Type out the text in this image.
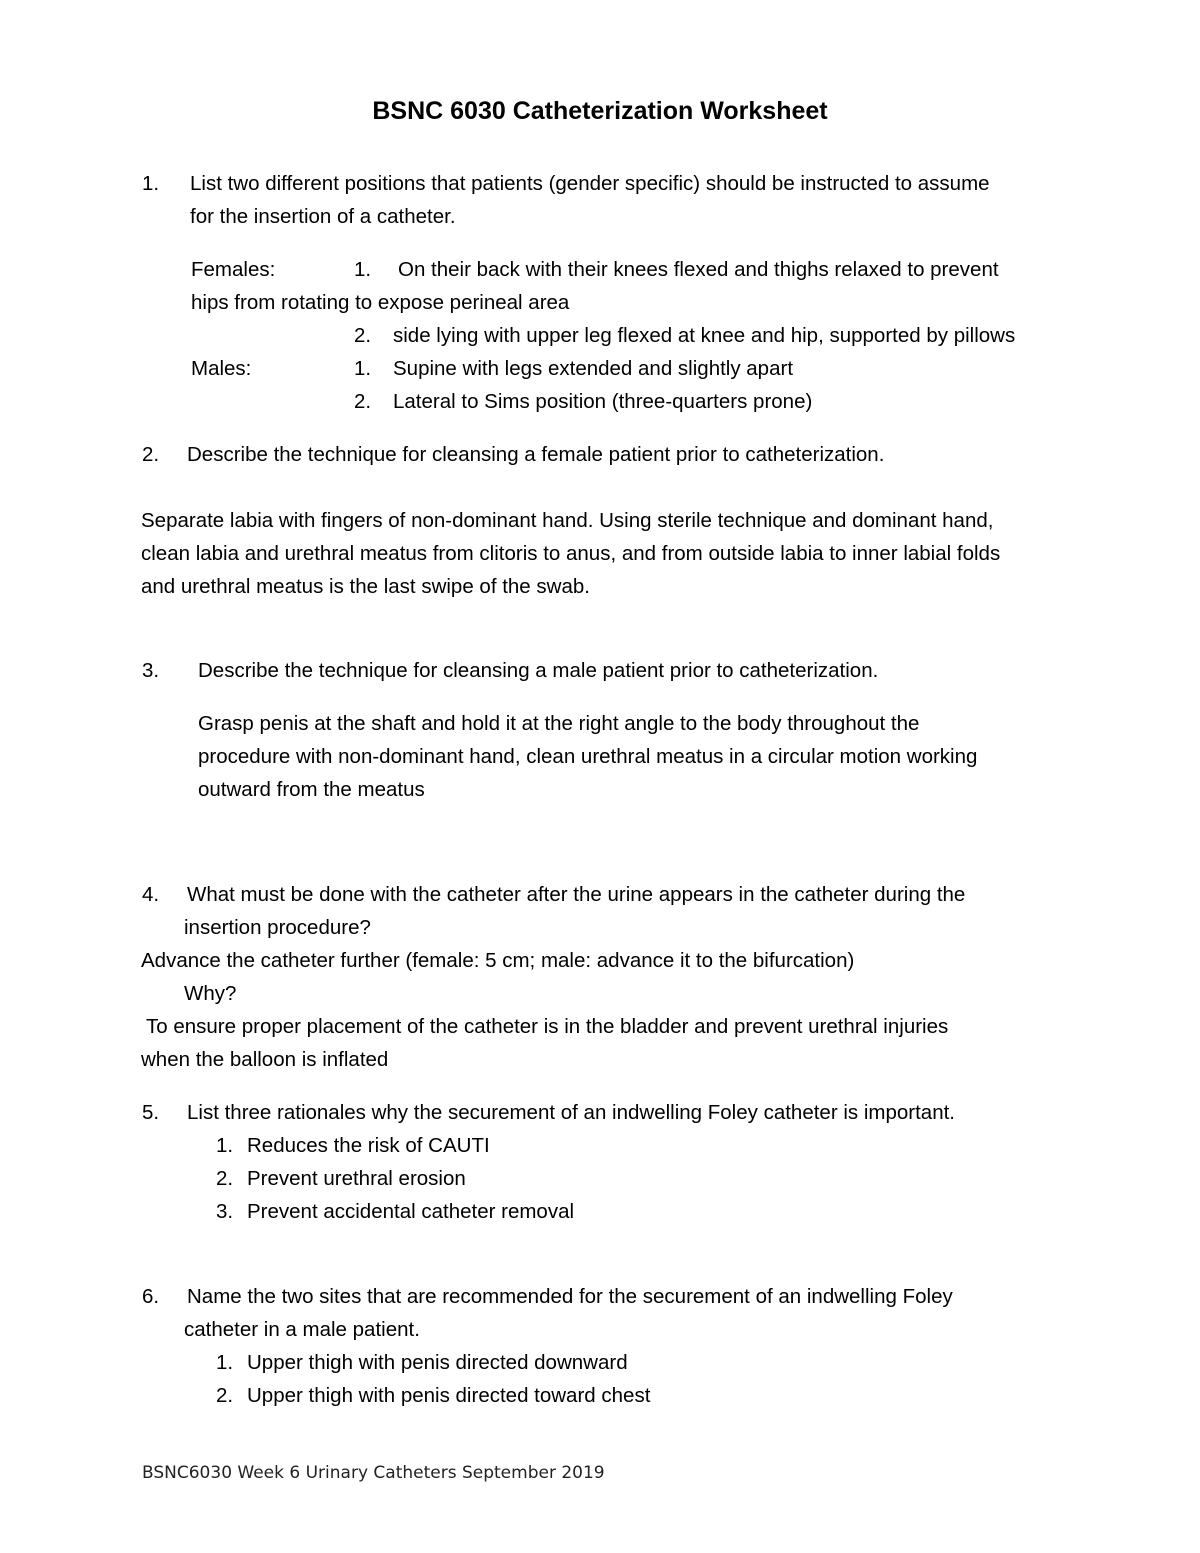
BSNC 6030 Catheterization Worksheet
1. List two different positions that patients (gender specific) should be instructed to assume
for the insertion of a catheter.
Females:	1. On their back with their knees flexed and thighs relaxed to prevent
hips from rotating to expose perineal area
2. side lying with upper leg flexed at knee and hip, supported by pillows
Males:	1. Supine with legs extended and slightly apart
2. Lateral to Sims position (three-quarters prone)
2. Describe the technique for cleansing a female patient prior to catheterization.
Separate labia with fingers of non-dominant hand. Using sterile technique and dominant hand,
clean labia and urethral meatus from clitoris to anus, and from outside labia to inner labial folds
and urethral meatus is the last swipe of the swab.
3. Describe the technique for cleansing a male patient prior to catheterization.
Grasp penis at the shaft and hold it at the right angle to the body throughout the
procedure with non-dominant hand, clean urethral meatus in a circular motion working
outward from the meatus
4. What must be done with the catheter after the urine appears in the catheter during the
insertion procedure?
Advance the catheter further (female: 5 cm; male: advance it to the bifurcation)
Why?
To ensure proper placement of the catheter is in the bladder and prevent urethral injuries
when the balloon is inflated
5. List three rationales why the securement of an indwelling Foley catheter is important.
1. Reduces the risk of CAUTI
2. Prevent urethral erosion
3. Prevent accidental catheter removal
6. Name the two sites that are recommended for the securement of an indwelling Foley
catheter in a male patient.
1. Upper thigh with penis directed downward
2. Upper thigh with penis directed toward chest
BSNC6030 Week 6 Urinary Catheters September 2019
